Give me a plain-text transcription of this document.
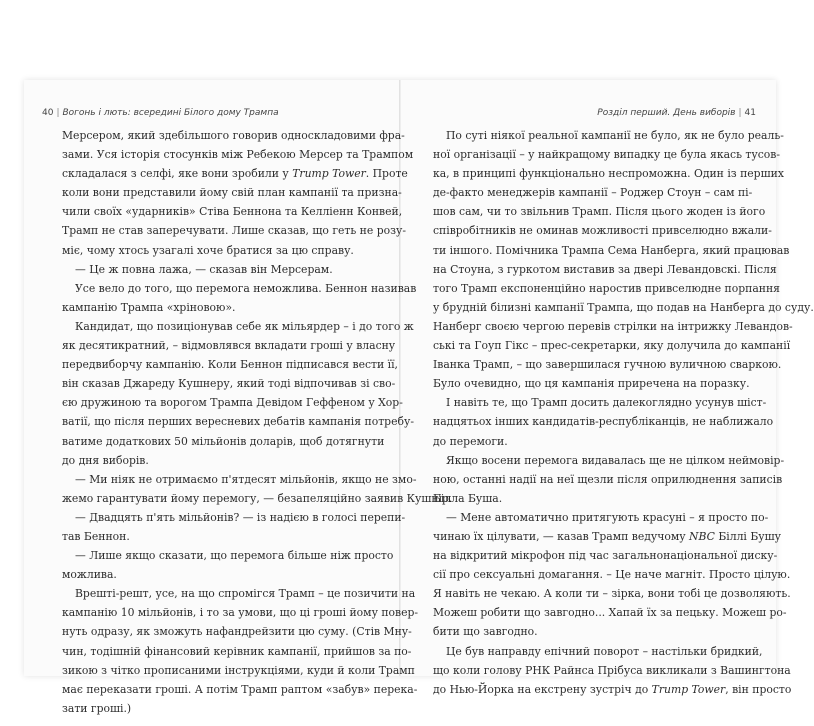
40 | Вогонь і лють: всередині Білого дому Трампа
Мерсером, який здебільшого говорив односкладовими фра-
зами. Уся історія стосунків між Ребекою Мерсер та Трампом
складалася з селфі, яке вони зробили у Trump Tower. Проте
коли вони представили йому свій план кампанії та призна-
чили своїх «ударників» Стіва Беннона та Келліенн Конвей,
Трамп не став заперечувати. Лише сказав, що геть не розу-
міє, чому хтось узагалі хоче братися за цю справу.
— Це ж повна лажа, — сказав він Мерсерам.
Усе вело до того, що перемога неможлива. Беннон називав
кампанію Трампа «хріновою».
Кандидат, що позиціонував себе як мільярдер – і до того ж
як десятикратний, – відмовлявся вкладати гроші у власну
передвиборчу кампанію. Коли Беннон підписався вести її,
він сказав Джареду Кушнеру, який тоді відпочивав зі сво-
єю дружиною та ворогом Трампа Девідом Геффеном у Хор-
ватії, що після перших вересневих дебатів кампанія потребу-
ватиме додаткових 50 мільйонів доларів, щоб дотягнути
до дня виборів.
— Ми ніяк не отримаємо п'ятдесят мільйонів, якщо не змо-
жемо гарантувати йому перемогу, — безапеляційно заявив Кушнір.
— Двадцять п'ять мільйонів? — із надією в голосі перепи-
тав Беннон.
— Лише якщо сказати, що перемога більше ніж просто
можлива.
Врешті-решт, усе, на що спромігся Трамп – це позичити на
кампанію 10 мільйонів, і то за умови, що ці гроші йому повер-
нуть одразу, як зможуть нафандрейзити цю суму. (Стів Мну-
чин, тодішній фінансовий керівник кампанії, прийшов за по-
зикою з чітко прописаними інструкціями, куди й коли Трамп
має переказати гроші. А потім Трамп раптом «забув» перека-
зати гроші.)
Розділ перший. День виборів | 41
По суті ніякої реальної кампанії не було, як не було реаль-
ної організації – у найкращому випадку це була якась тусов-
ка, в принципі функціонально неспроможна. Один із перших
де-факто менеджерів кампанії – Роджер Стоун – сам пі-
шов сам, чи то звільнив Трамп. Після цього жоден із його
співробітників не оминав можливості привселюдно вжали-
ти іншого. Помічника Трампа Сема Нанберга, який працював
на Стоуна, з гуркотом виставив за двері Левандовскі. Після
того Трамп експоненційно наростив привселюдне порпання
у брудній білизні кампанії Трампа, що подав на Нанберга до суду.
Нанберг своєю чергою перевів стрілки на інтрижку Левандов-
ські та Гоуп Гікс – прес-секретарки, яку долучила до кампанії
Іванка Трамп, – що завершилася гучною вуличною сваркою.
Було очевидно, що ця кампанія приречена на поразку.
І навіть те, що Трамп досить далекоглядно усунув шіст-
надцятьох інших кандидатів-республіканців, не наближало
до перемоги.
Якщо восени перемога видавалась ще не цілком неймовір-
ною, останні надії на неї щезли після оприлюднення записів
Білла Буша.
— Мене автоматично притягують красуні – я просто по-
чинаю їх цілувати, — казав Трамп ведучому NBC Біллі Бушу
на відкритий мікрофон під час загальнонаціональної диску-
сії про сексуальні домагання. – Це наче магніт. Просто цілую.
Я навіть не чекаю. А коли ти – зірка, вони тобі це дозволяють.
Можеш робити що завгодно... Хапай їх за пецьку. Можеш ро-
бити що завгодно.
Це був направду епічний поворот – настільки бридкий,
що коли голову РНК Райнса Прібуса викликали з Вашингтона
до Нью-Йорка на екстрену зустріч до Trump Tower, він просто
